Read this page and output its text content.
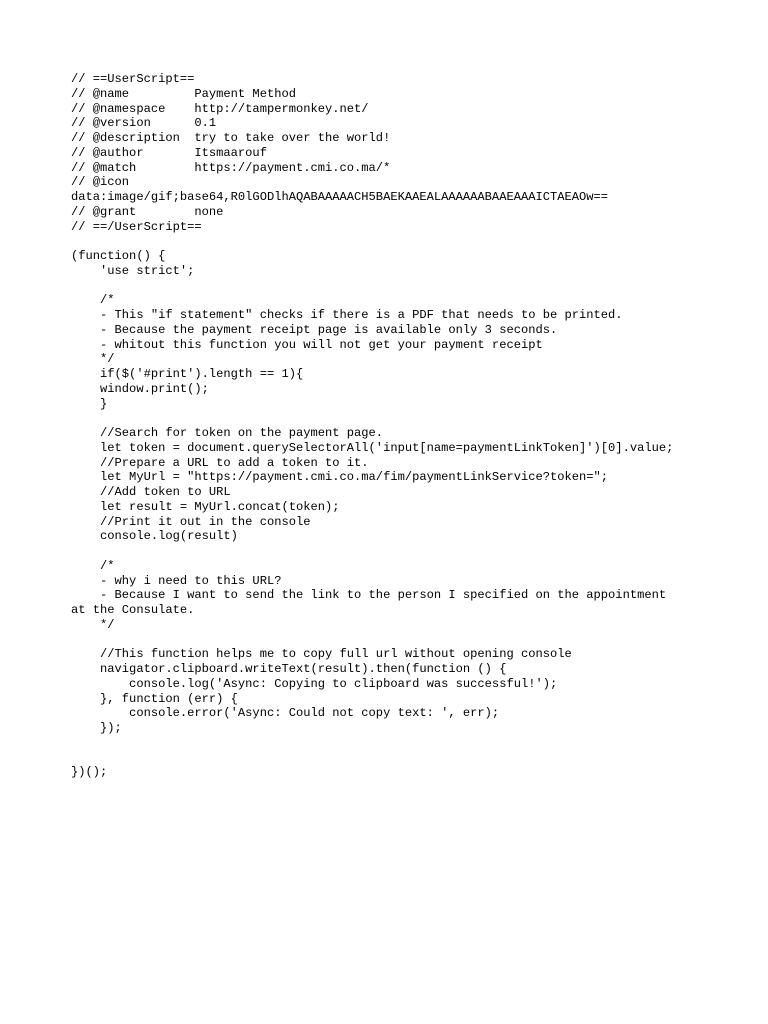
// ==UserScript==
// @name         Payment Method
// @namespace    http://tampermonkey.net/
// @version      0.1
// @description  try to take over the world!
// @author       Itsmaarouf
// @match        https://payment.cmi.co.ma/*
// @icon
data:image/gif;base64,R0lGODlhAQABAAAAACH5BAEKAAEALAAAAAABAAEAAAICTAEAOw==
// @grant        none
// ==/UserScript==
(function() {
'use strict';
/*
- This "if statement" checks if there is a PDF that needs to be printed.
- Because the payment receipt page is available only 3 seconds.
- whitout this function you will not get your payment receipt
*/
if($('#print').length == 1){
window.print();
}
//Search for token on the payment page.
let token = document.querySelectorAll('input[name=paymentLinkToken]')[0].value;
//Prepare a URL to add a token to it.
let MyUrl = "https://payment.cmi.co.ma/fim/paymentLinkService?token=";
//Add token to URL
let result = MyUrl.concat(token);
//Print it out in the console
console.log(result)
/*
- why i need to this URL?
- Because I want to send the link to the person I specified on the appointment
at the Consulate.
*/
//This function helps me to copy full url without opening console
navigator.clipboard.writeText(result).then(function () {
console.log('Async: Copying to clipboard was successful!');
}, function (err) {
console.error('Async: Could not copy text: ', err);
});
})();
